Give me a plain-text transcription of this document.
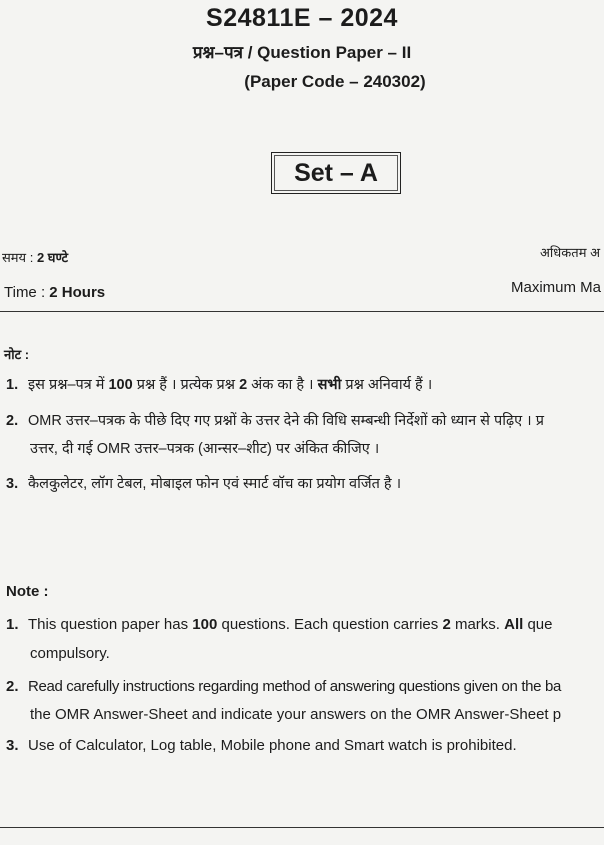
S24811E – 2024
प्रश्न–पत्र / Question Paper – II
(Paper Code – 240302)
Set – A
समय : 2 घण्टे	अधिकतम अ
Time : 2 Hours	Maximum Ma
नोट :
1. इस प्रश्न–पत्र में 100 प्रश्न हैं । प्रत्येक प्रश्न 2 अंक का है । सभी प्रश्न अनिवार्य हैं ।
2. OMR उत्तर–पत्रक के पीछे दिए गए प्रश्नों के उत्तर देने की विधि सम्बन्धी निर्देशों को ध्यान से पढ़िए । प्र
उत्तर, दी गई OMR उत्तर–पत्रक (आन्सर–शीट) पर अंकित कीजिए ।
3. कैलकुलेटर, लॉग टेबल, मोबाइल फोन एवं स्मार्ट वॉच का प्रयोग वर्जित है ।
Note :
1. This question paper has 100 questions. Each question carries 2 marks. All que
compulsory.
2. Read carefully instructions regarding method of answering questions given on the ba
the OMR Answer-Sheet and indicate your answers on the OMR Answer-Sheet p
3. Use of Calculator, Log table, Mobile phone and Smart watch is prohibited.
